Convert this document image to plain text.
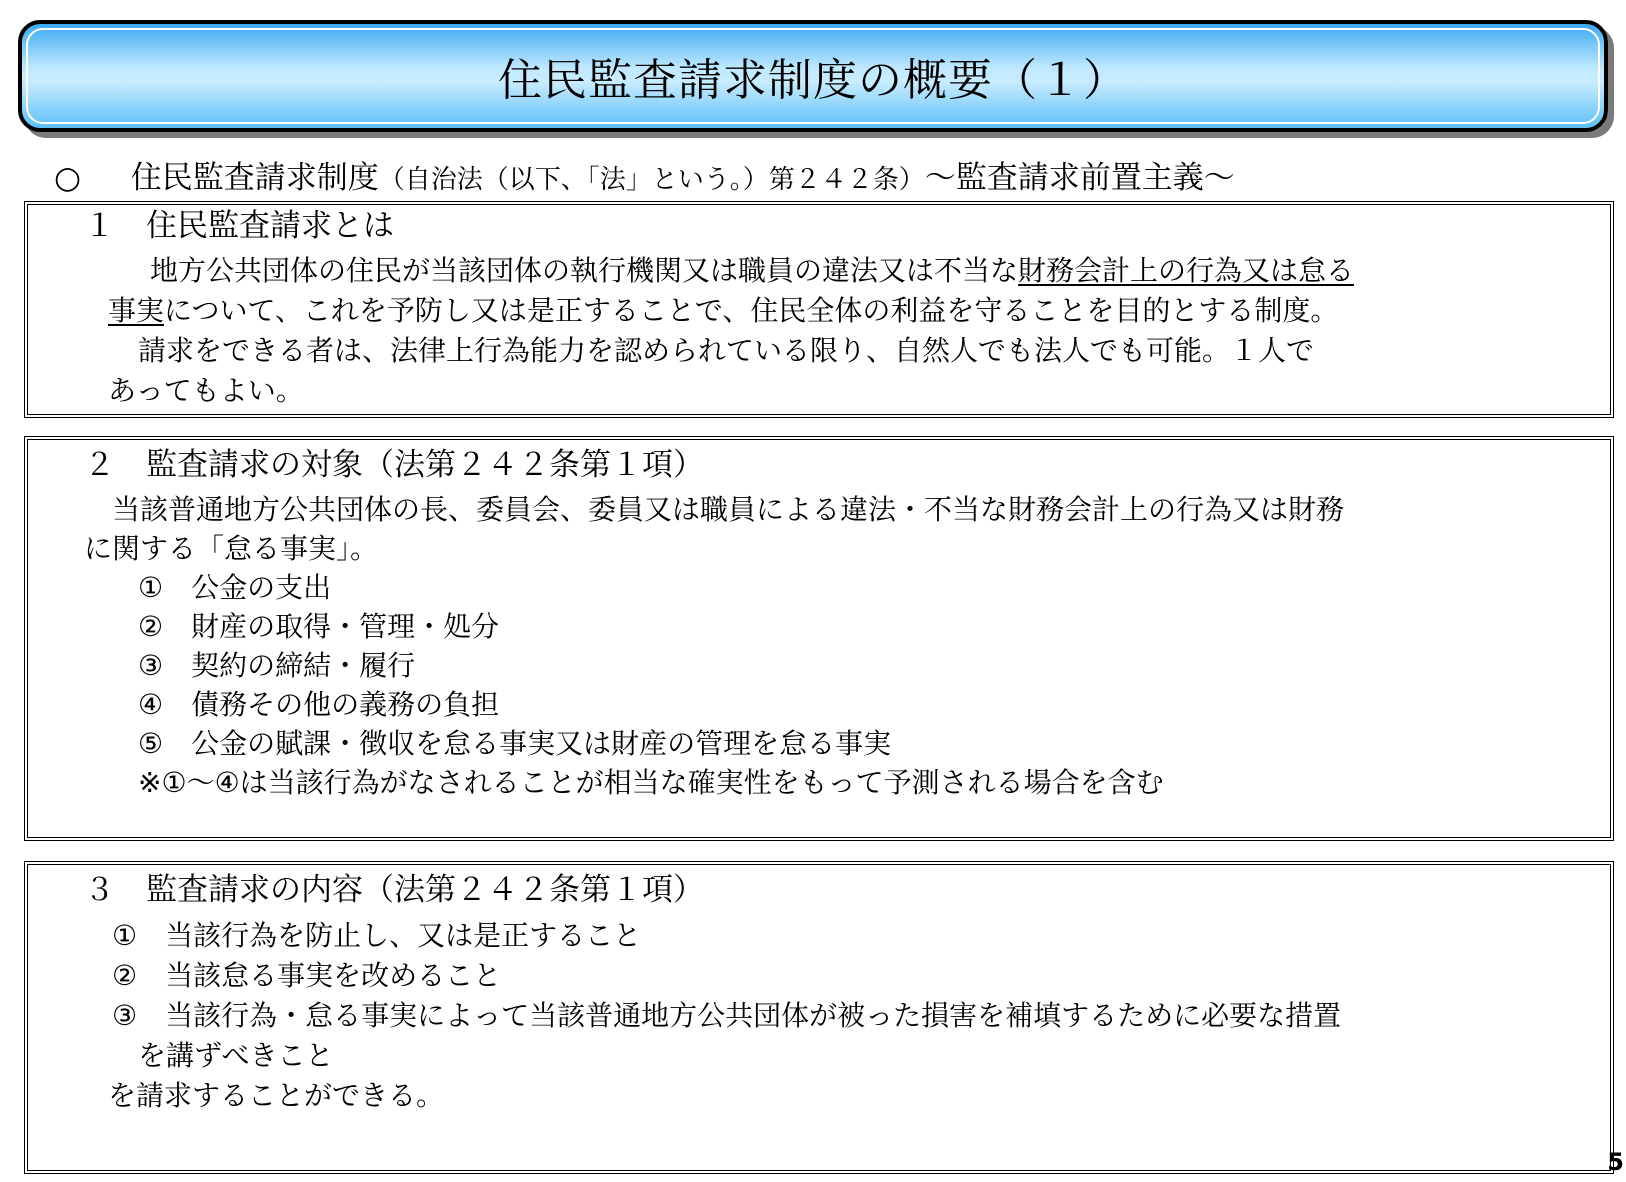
住民監査請求制度の概要（１）
○ 住民監査請求制度（自治法（以下、「法」という。）第２４２条）～監査請求前置主義～
１　住民監査請求とは
地方公共団体の住民が当該団体の執行機関又は職員の違法又は不当な財務会計上の行為又は怠る
事実について、これを予防し又は是正することで、住民全体の利益を守ることを目的とする制度。
請求をできる者は、法律上行為能力を認められている限り、自然人でも法人でも可能。１人で
あってもよい。
２　監査請求の対象（法第２４２条第１項）
当該普通地方公共団体の長、委員会、委員又は職員による違法・不当な財務会計上の行為又は財務
に関する「怠る事実」。
①　公金の支出
②　財産の取得・管理・処分
③　契約の締結・履行
④　債務その他の義務の負担
⑤　公金の賦課・徴収を怠る事実又は財産の管理を怠る事実
※①～④は当該行為がなされることが相当な確実性をもって予測される場合を含む
３　監査請求の内容（法第２４２条第１項）
①　当該行為を防止し、又は是正すること
②　当該怠る事実を改めること
③　当該行為・怠る事実によって当該普通地方公共団体が被った損害を補填するために必要な措置
を講ずべきこと
を請求することができる。
5
